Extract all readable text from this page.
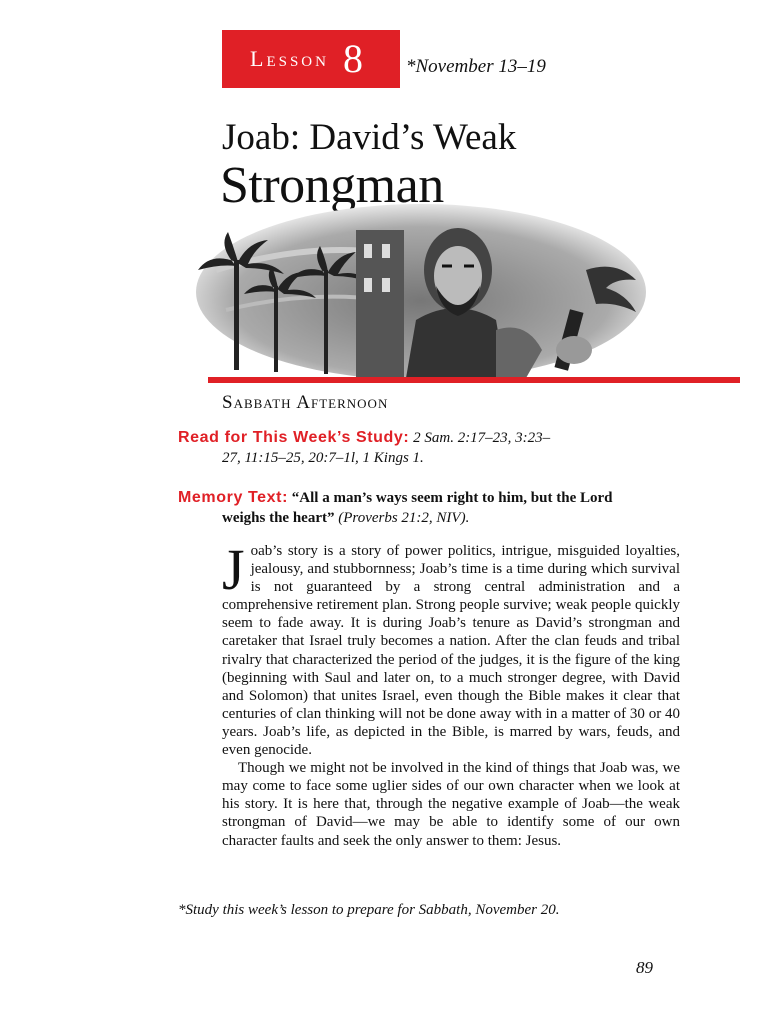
Lesson 8 *November 13–19
Joab: David’s Weak
Strongman
Sabbath Afternoon
Read for This Week’s Study: 2 Sam. 2:17–23, 3:23–
27, 11:15–25, 20:7–1l, 1 Kings 1.
Memory Text: “All a man’s ways seem right to him, but the Lord
weighs the heart” (Proverbs 21:2, NIV).

Joab’s story is a story of power politics, intrigue, misguided loyalties, jealousy, and stubbornness; Joab’s time is a time during which survival is not guaranteed by a strong central administration and a comprehensive retirement plan. Strong people survive; weak people quickly seem to fade away. It is during Joab’s tenure as David’s strongman and caretaker that Israel truly becomes a nation. After the clan feuds and tribal rivalry that characterized the period of the judges, it is the figure of the king (beginning with Saul and later on, to a much stronger degree, with David and Solomon) that unites Israel, even though the Bible makes it clear that centuries of clan thinking will not be done away with in a matter of 30 or 40 years. Joab’s life, as depicted in the Bible, is marred by wars, feuds, and even genocide.

Though we might not be involved in the kind of things that Joab was, we may come to face some uglier sides of our own character when we look at his story. It is here that, through the negative example of Joab—the weak strongman of David—we may be able to identify some of our own character faults and seek the only answer to them: Jesus.

*Study this week’s lesson to prepare for Sabbath, November 20.
89
